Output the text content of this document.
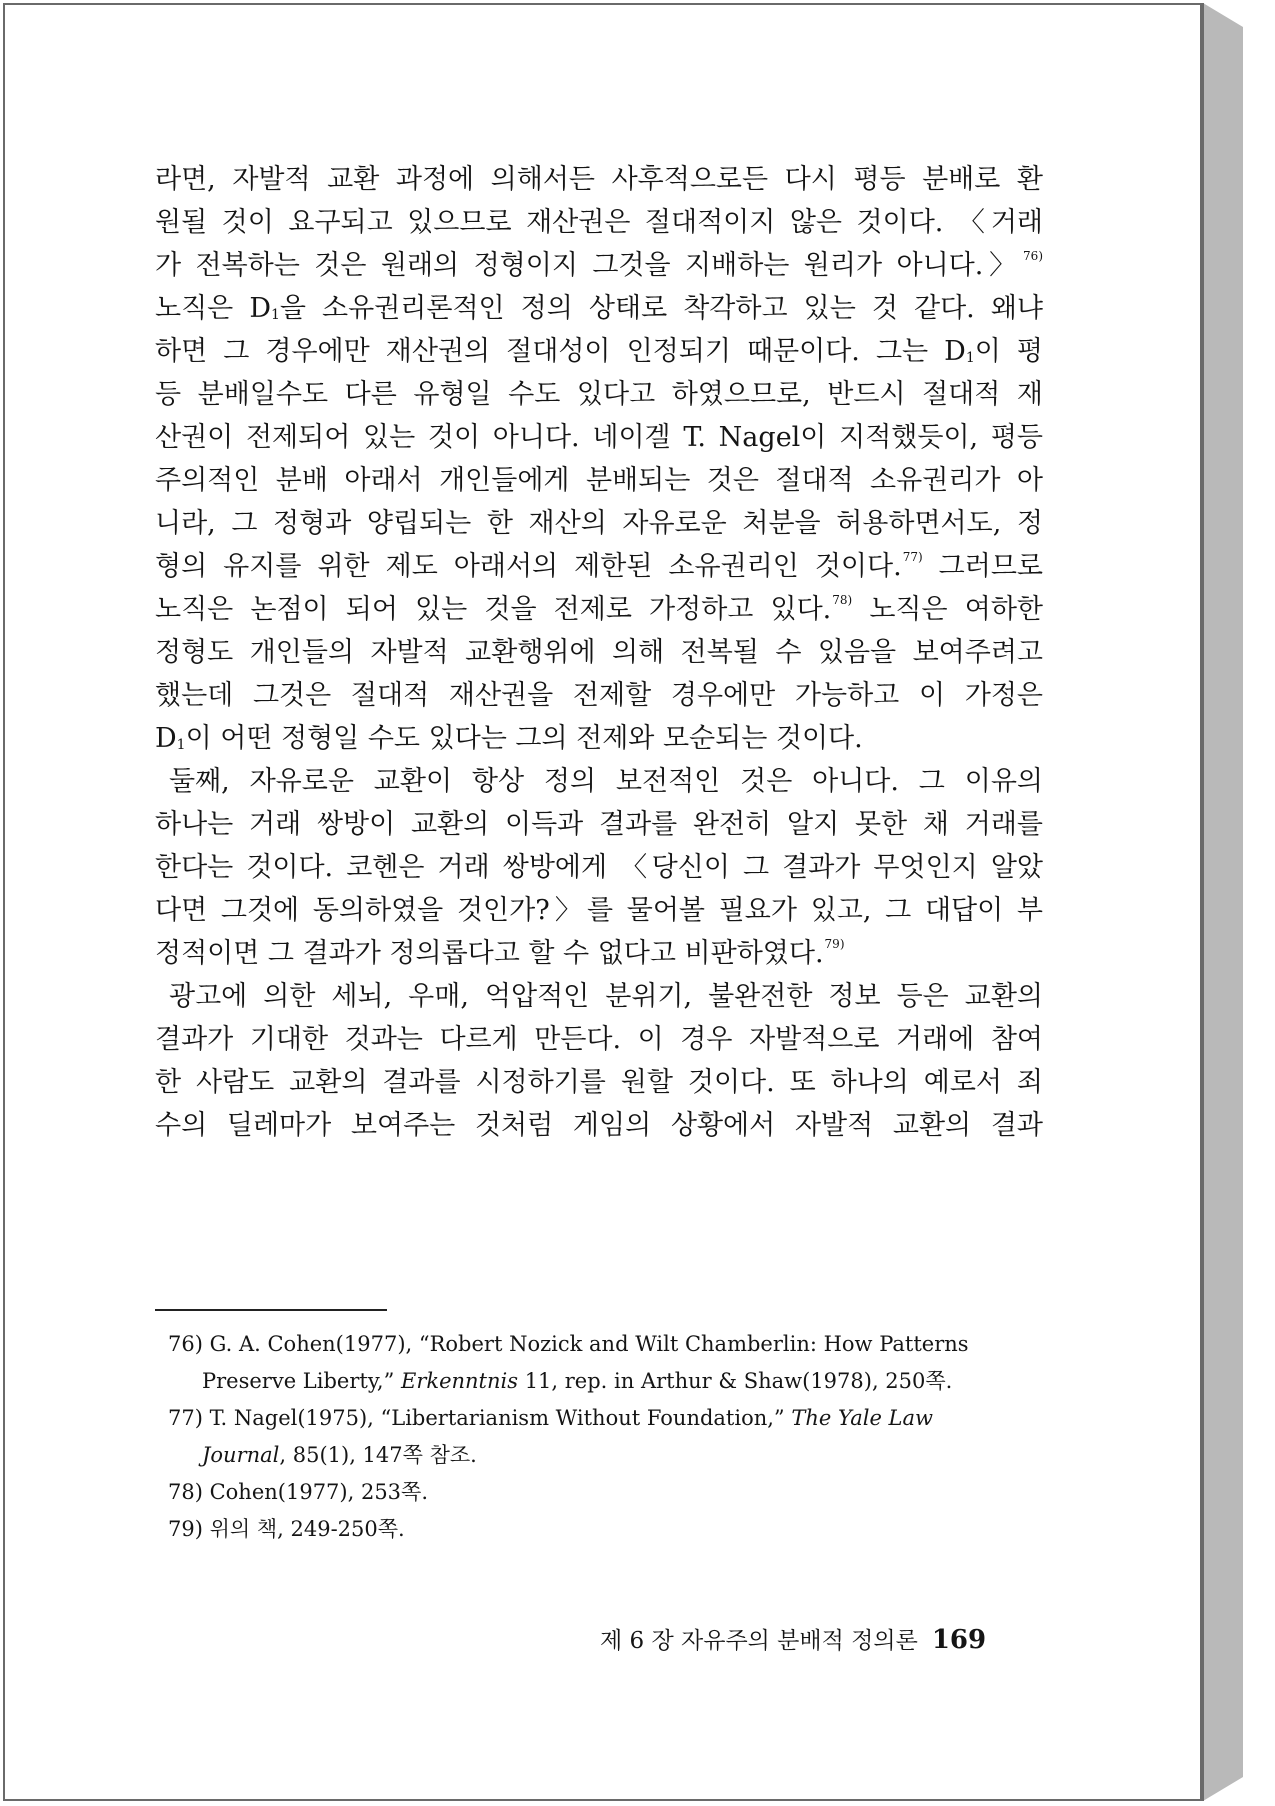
라면, 자발적 교환 과정에 의해서든 사후적으로든 다시 평등 분배로 환
원될 것이 요구되고 있으므로 재산권은 절대적이지 않은 것이다. 〈거래
가 전복하는 것은 원래의 정형이지 그것을 지배하는 원리가 아니다.〉$^{76)}$
노직은 $D_1$을 소유권리론적인 정의 상태로 착각하고 있는 것 같다. 왜냐
하면 그 경우에만 재산권의 절대성이 인정되기 때문이다. 그는 $D_1$이 평
등 분배일수도 다른 유형일 수도 있다고 하였으므로, 반드시 절대적 재
산권이 전제되어 있는 것이 아니다. 네이겔 T. Nagel이 지적했듯이, 평등
주의적인 분배 아래서 개인들에게 분배되는 것은 절대적 소유권리가 아
니라, 그 정형과 양립되는 한 재산의 자유로운 처분을 허용하면서도, 정
형의 유지를 위한 제도 아래서의 제한된 소유권리인 것이다.$^{77)}$ 그러므로
노직은 논점이 되어 있는 것을 전제로 가정하고 있다.$^{78)}$ 노직은 여하한
정형도 개인들의 자발적 교환행위에 의해 전복될 수 있음을 보여주려고
했는데 그것은 절대적 재산권을 전제할 경우에만 가능하고 이 가정은
$D_1$이 어떤 정형일 수도 있다는 그의 전제와 모순되는 것이다.
둘째, 자유로운 교환이 항상 정의 보전적인 것은 아니다. 그 이유의
하나는 거래 쌍방이 교환의 이득과 결과를 완전히 알지 못한 채 거래를
한다는 것이다. 코헨은 거래 쌍방에게 〈당신이 그 결과가 무엇인지 알았
다면 그것에 동의하였을 것인가?〉를 물어볼 필요가 있고, 그 대답이 부
정적이면 그 결과가 정의롭다고 할 수 없다고 비판하였다.$^{79)}$
광고에 의한 세뇌, 우매, 억압적인 분위기, 불완전한 정보 등은 교환의
결과가 기대한 것과는 다르게 만든다. 이 경우 자발적으로 거래에 참여
한 사람도 교환의 결과를 시정하기를 원할 것이다. 또 하나의 예로서 죄
수의 딜레마가 보여주는 것처럼 게임의 상황에서 자발적 교환의 결과
76) G. A. Cohen(1977), “Robert Nozick and Wilt Chamberlin: How Patterns
Preserve Liberty,” Erkenntnis 11, rep. in Arthur & Shaw(1978), 250쪽.
77) T. Nagel(1975), “Libertarianism Without Foundation,” The Yale Law
Journal, 85(1), 147쪽 참조.
78) Cohen(1977), 253쪽.
79) 위의 책, 249-250쪽.
제 6 장 자유주의 분배적 정의론 169
